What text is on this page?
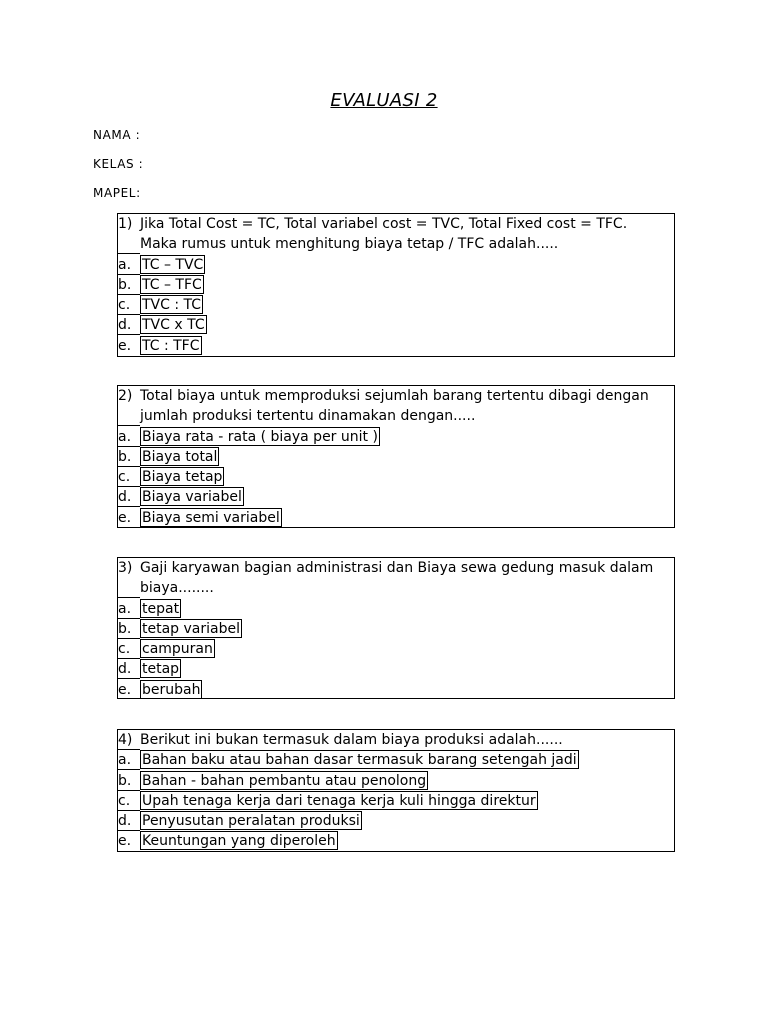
EVALUASI 2
NAMA :
KELAS :
MAPEL:
1) Jika Total Cost = TC, Total variabel cost = TVC, Total Fixed cost = TFC. Maka rumus untuk menghitung biaya tetap / TFC adalah.....
a. TC – TVC
b. TC – TFC
c. TVC : TC
d. TVC x TC
e. TC : TFC
2) Total biaya untuk memproduksi sejumlah barang tertentu dibagi dengan jumlah produksi tertentu dinamakan dengan.....
a. Biaya rata - rata ( biaya per unit )
b. Biaya total
c. Biaya tetap
d. Biaya variabel
e. Biaya semi variabel
3) Gaji karyawan bagian administrasi dan Biaya sewa gedung masuk dalam biaya........
a. tepat
b. tetap variabel
c. campuran
d. tetap
e. berubah
4) Berikut ini bukan termasuk dalam biaya produksi adalah......
a. Bahan baku atau bahan dasar termasuk barang setengah jadi
b. Bahan - bahan pembantu atau penolong
c. Upah tenaga kerja dari tenaga kerja kuli hingga direktur
d. Penyusutan peralatan produksi
e. Keuntungan yang diperoleh
